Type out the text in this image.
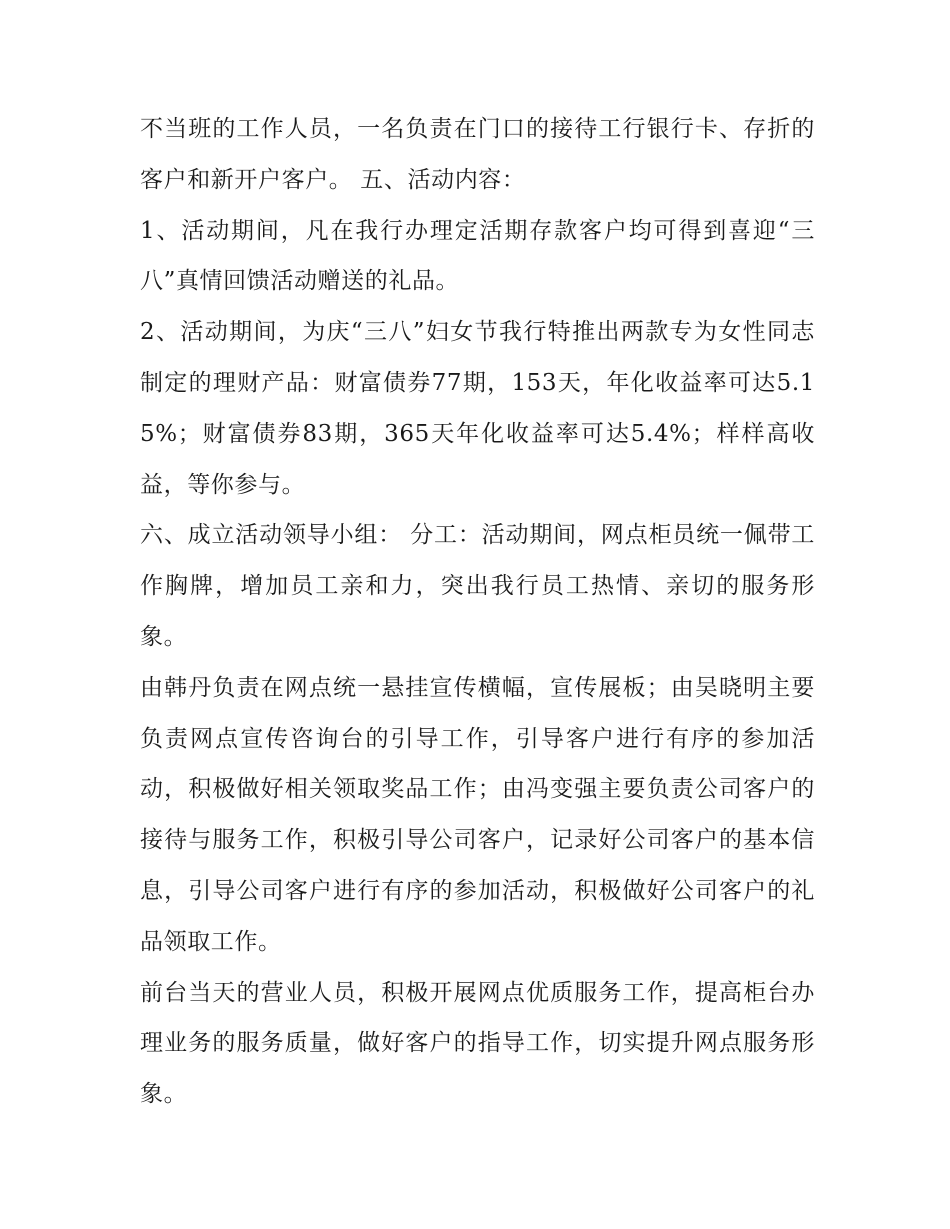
不当班的工作人员，一名负责在门口的接待工行银行卡、存折的客户和新开户客户。 五、活动内容：

1、活动期间，凡在我行办理定活期存款客户均可得到喜迎“三八”真情回馈活动赠送的礼品。

2、活动期间，为庆“三八”妇女节我行特推出两款专为女性同志制定的理财产品：财富债券77期，153天，年化收益率可达5.15%；财富债券83期，365天年化收益率可达5.4%；样样高收益，等你参与。

六、成立活动领导小组： 分工：活动期间，网点柜员统一佩带工作胸牌，增加员工亲和力，突出我行员工热情、亲切的服务形象。

由韩丹负责在网点统一悬挂宣传横幅，宣传展板；由吴晓明主要负责网点宣传咨询台的引导工作，引导客户进行有序的参加活动，积极做好相关领取奖品工作；由冯变强主要负责公司客户的接待与服务工作，积极引导公司客户，记录好公司客户的基本信息，引导公司客户进行有序的参加活动，积极做好公司客户的礼品领取工作。

前台当天的营业人员，积极开展网点优质服务工作，提高柜台办理业务的服务质量，做好客户的指导工作，切实提升网点服务形象。
